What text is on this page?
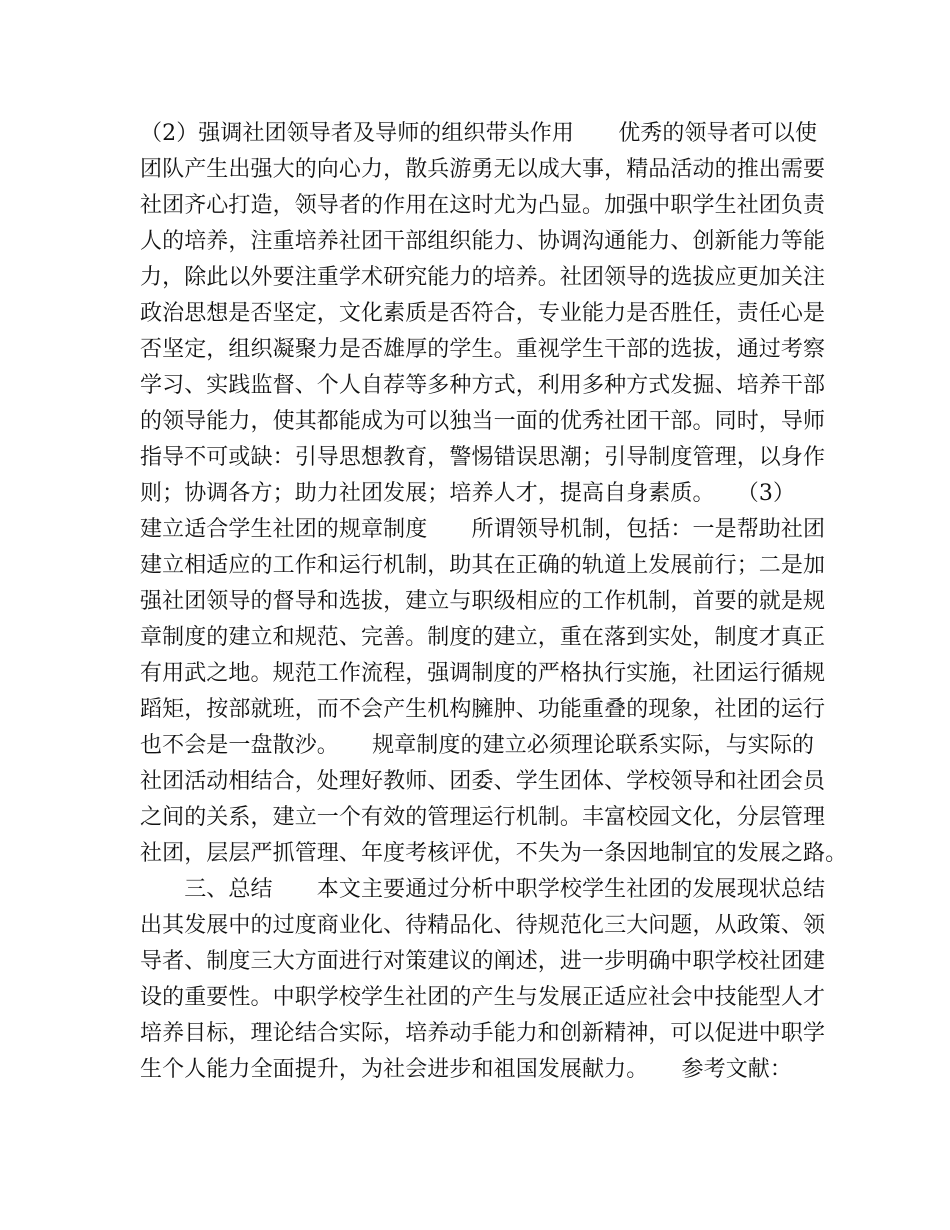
（2）强调社团领导者及导师的组织带头作用　　优秀的领导者可以使
团队产生出强大的向心力，散兵游勇无以成大事，精品活动的推出需要
社团齐心打造，领导者的作用在这时尤为凸显。加强中职学生社团负责
人的培养，注重培养社团干部组织能力、协调沟通能力、创新能力等能
力，除此以外要注重学术研究能力的培养。社团领导的选拔应更加关注
政治思想是否坚定，文化素质是否符合，专业能力是否胜任，责任心是
否坚定，组织凝聚力是否雄厚的学生。重视学生干部的选拔，通过考察
学习、实践监督、个人自荐等多种方式，利用多种方式发掘、培养干部
的领导能力，使其都能成为可以独当一面的优秀社团干部。同时，导师
指导不可或缺：引导思想教育，警惕错误思潮；引导制度管理，以身作
则；协调各方；助力社团发展；培养人才，提高自身素质。　　（3）
建立适合学生社团的规章制度　　所谓领导机制，包括：一是帮助社团
建立相适应的工作和运行机制，助其在正确的轨道上发展前行；二是加
强社团领导的督导和选拔，建立与职级相应的工作机制，首要的就是规
章制度的建立和规范、完善。制度的建立，重在落到实处，制度才真正
有用武之地。规范工作流程，强调制度的严格执行实施，社团运行循规
蹈矩，按部就班，而不会产生机构臃肿、功能重叠的现象，社团的运行
也不会是一盘散沙。　　规章制度的建立必须理论联系实际，与实际的
社团活动相结合，处理好教师、团委、学生团体、学校领导和社团会员
之间的关系，建立一个有效的管理运行机制。丰富校园文化，分层管理
社团，层层严抓管理、年度考核评优，不失为一条因地制宜的发展之路。
　　三、总结　　本文主要通过分析中职学校学生社团的发展现状总结
出其发展中的过度商业化、待精品化、待规范化三大问题，从政策、领
导者、制度三大方面进行对策建议的阐述，进一步明确中职学校社团建
设的重要性。中职学校学生社团的产生与发展正适应社会中技能型人才
培养目标，理论结合实际，培养动手能力和创新精神，可以促进中职学
生个人能力全面提升，为社会进步和祖国发展献力。　　参考文献：
